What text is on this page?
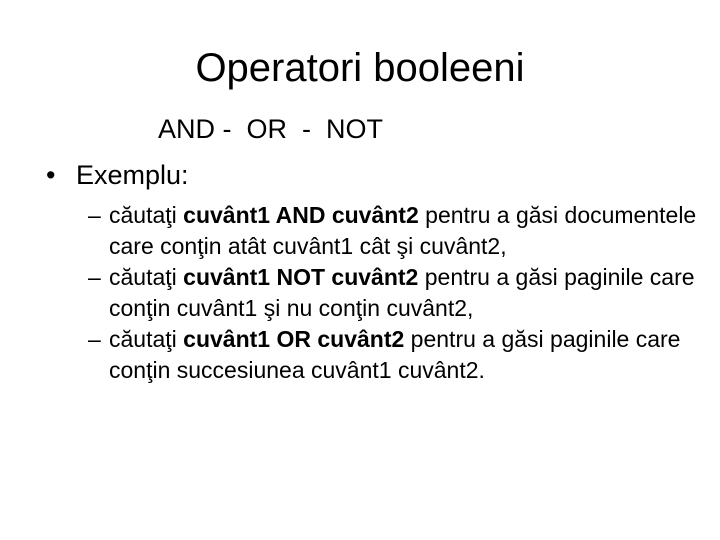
Operatori booleeni
AND -  OR  -  NOT
• Exemplu:
– căutaţi cuvânt1 AND cuvânt2 pentru a găsi documentele care conţin atât cuvânt1 cât şi cuvânt2,
– căutaţi cuvânt1 NOT cuvânt2 pentru a găsi paginile care conţin cuvânt1 şi nu conţin cuvânt2,
– căutaţi cuvânt1 OR cuvânt2 pentru a găsi paginile care conţin succesiunea cuvânt1 cuvânt2.
